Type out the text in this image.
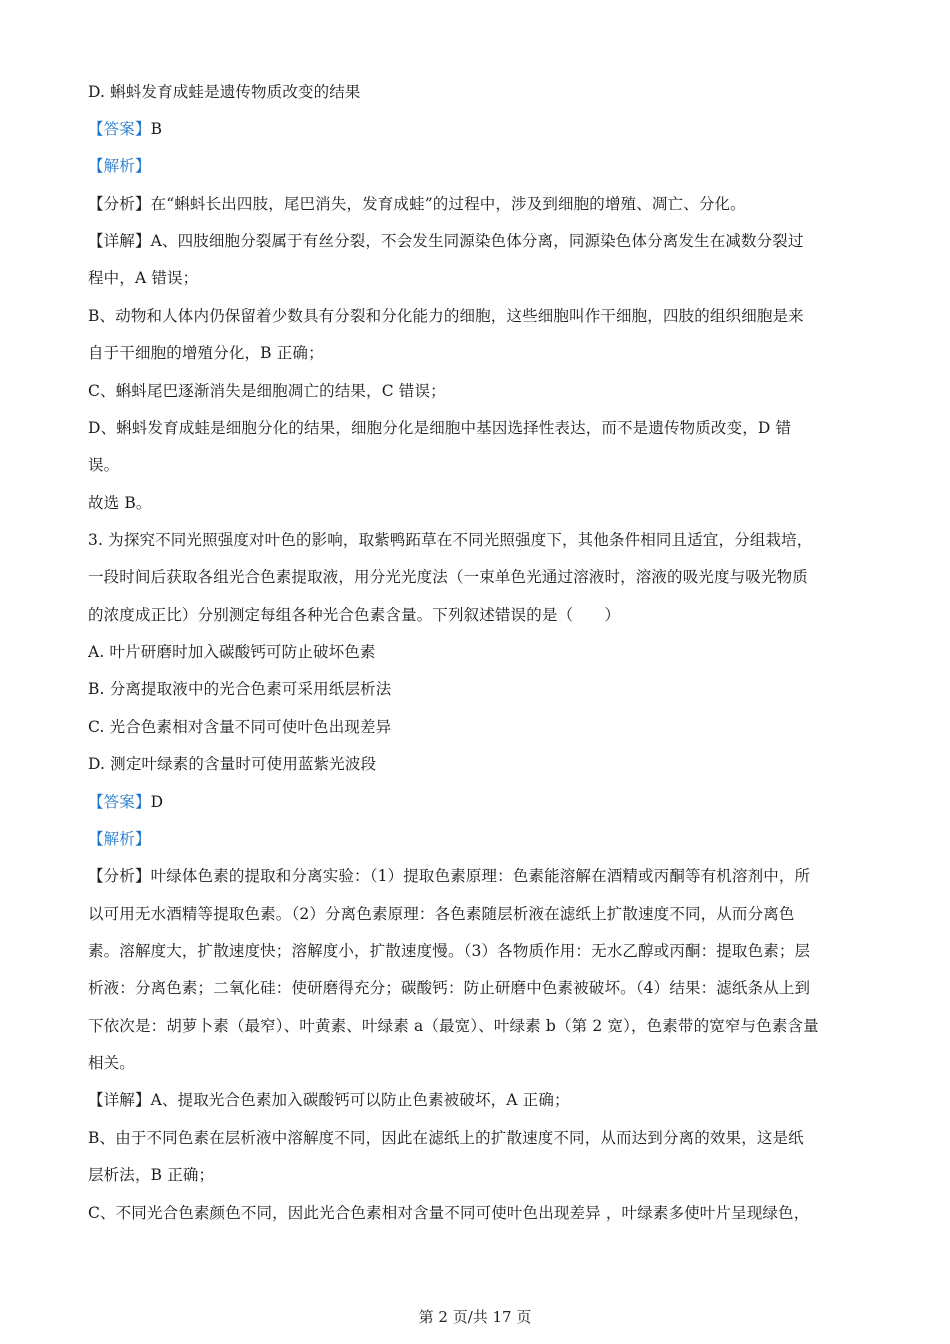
D. 蝌蚪发育成蛙是遗传物质改变的结果
【答案】B
【解析】
【分析】在“蝌蚪长出四肢，尾巴消失，发育成蛙”的过程中，涉及到细胞的增殖、凋亡、分化。
【详解】A、四肢细胞分裂属于有丝分裂，不会发生同源染色体分离，同源染色体分离发生在减数分裂过
程中，A 错误；
B、动物和人体内仍保留着少数具有分裂和分化能力的细胞，这些细胞叫作干细胞，四肢的组织细胞是来
自于干细胞的增殖分化，B 正确；
C、蝌蚪尾巴逐渐消失是细胞凋亡的结果，C 错误；
D、蝌蚪发育成蛙是细胞分化的结果，细胞分化是细胞中基因选择性表达，而不是遗传物质改变，D 错
误。
故选 B。
3. 为探究不同光照强度对叶色的影响，取紫鸭跖草在不同光照强度下，其他条件相同且适宜，分组栽培，
一段时间后获取各组光合色素提取液，用分光光度法（一束单色光通过溶液时，溶液的吸光度与吸光物质
的浓度成正比）分别测定每组各种光合色素含量。下列叙述错误的是（　　）
A. 叶片研磨时加入碳酸钙可防止破坏色素
B. 分离提取液中的光合色素可采用纸层析法
C. 光合色素相对含量不同可使叶色出现差异
D. 测定叶绿素的含量时可使用蓝紫光波段
【答案】D
【解析】
【分析】叶绿体色素的提取和分离实验：（1）提取色素原理：色素能溶解在酒精或丙酮等有机溶剂中，所
以可用无水酒精等提取色素。（2）分离色素原理：各色素随层析液在滤纸上扩散速度不同，从而分离色
素。溶解度大，扩散速度快；溶解度小，扩散速度慢。（3）各物质作用：无水乙醇或丙酮：提取色素；层
析液：分离色素；二氧化硅：使研磨得充分；碳酸钙：防止研磨中色素被破坏。（4）结果：滤纸条从上到
下依次是：胡萝卜素（最窄）、叶黄素、叶绿素 a（最宽）、叶绿素 b（第 2 宽），色素带的宽窄与色素含量
相关。
【详解】A、提取光合色素加入碳酸钙可以防止色素被破坏，A 正确；
B、由于不同色素在层析液中溶解度不同，因此在滤纸上的扩散速度不同，从而达到分离的效果，这是纸
层析法，B 正确；
C、不同光合色素颜色不同，因此光合色素相对含量不同可使叶色出现差异 ，叶绿素多使叶片呈现绿色，
第 2 页/共 17 页
